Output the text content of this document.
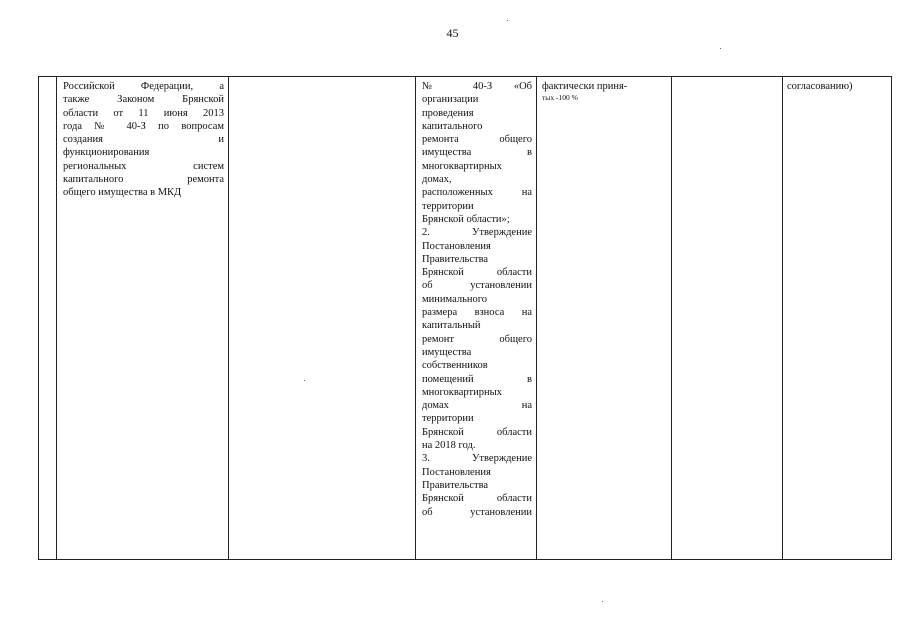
45
Российской Федерации, а
также Законом Брянской
области от 11 июня 2013
года № 40-З по вопросам
создания и
функционирования
региональных систем
капитального ремонта
общего имущества в МКД
№ 40-З «Об
организации
проведения
капитального
ремонта общего
имущества в
многоквартирных
домах,
расположенных на
территории
Брянской области»;
2. Утверждение
Постановления
Правительства
Брянской области
об установлении
минимального
размера взноса на
капитальный
ремонт общего
имущества
собственников
помещений в
многоквартирных
домах на
территории
Брянской области
на 2018 год.
3. Утверждение
Постановления
Правительства
Брянской области
об установлении
фактически приня-
тых -100 %
согласованию)
